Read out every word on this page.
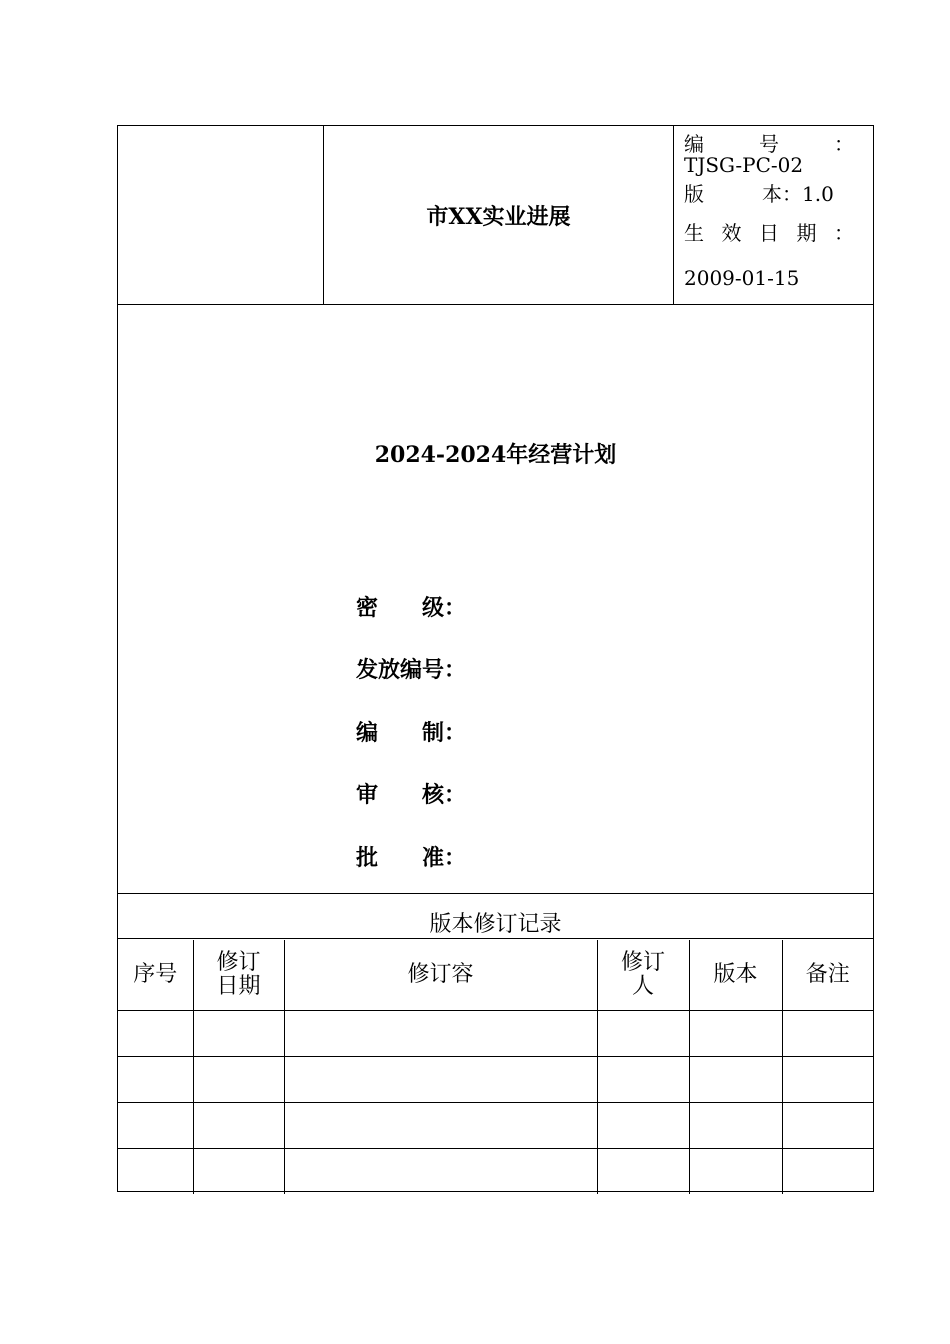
市XX实业进展
编	号	：
TJSG-PC-02
版	本：1.0
生 效 日 期 ：
2009-01-15
2024-2024年经营计划
密　　级：
发放编号：
编　　制：
审　　核：
批　　准：
版本修订记录
序号	修订日期	修订容	修订人	版本	备注
